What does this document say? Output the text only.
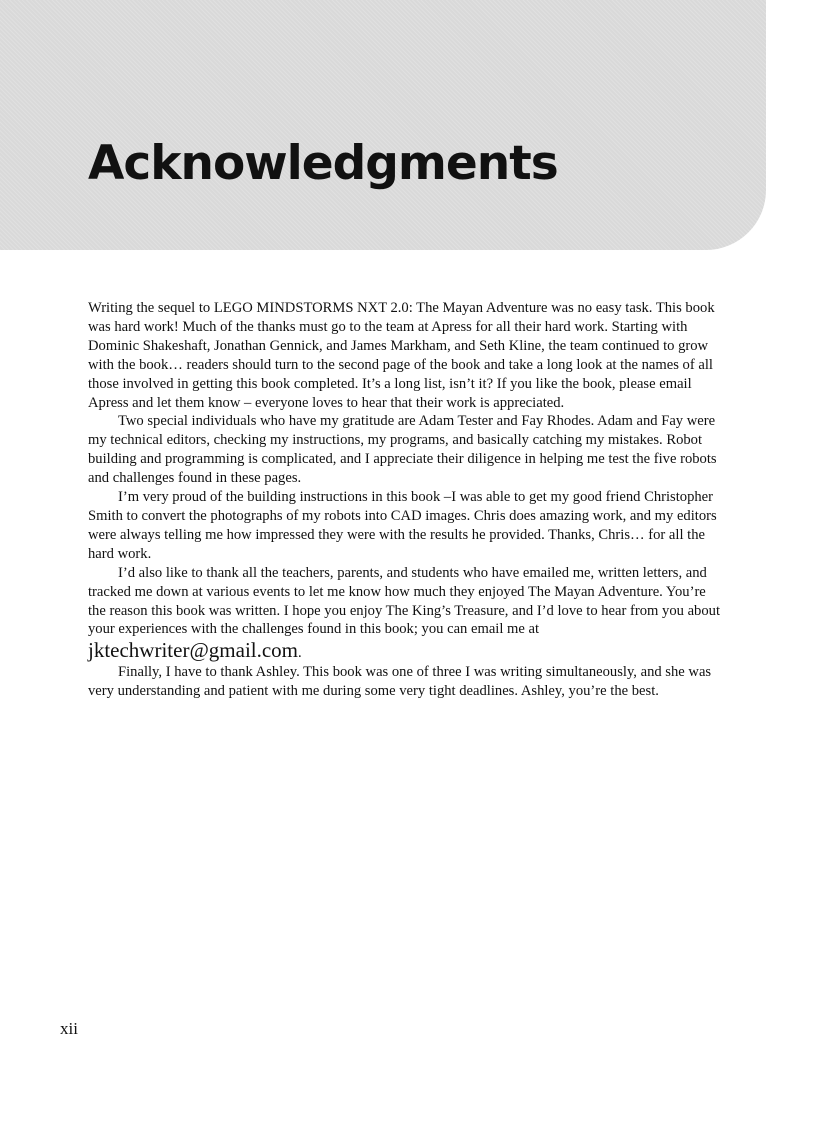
Acknowledgments

Writing the sequel to LEGO MINDSTORMS NXT 2.0: The Mayan Adventure was no easy task. This book was hard work! Much of the thanks must go to the team at Apress for all their hard work. Starting with Dominic Shakeshaft, Jonathan Gennick, and James Markham, and Seth Kline, the team continued to grow with the book… readers should turn to the second page of the book and take a long look at the names of all those involved in getting this book completed. It’s a long list, isn’t it? If you like the book, please email Apress and let them know – everyone loves to hear that their work is appreciated.

Two special individuals who have my gratitude are Adam Tester and Fay Rhodes. Adam and Fay were my technical editors, checking my instructions, my programs, and basically catching my mistakes. Robot building and programming is complicated, and I appreciate their diligence in helping me test the five robots and challenges found in these pages.

I’m very proud of the building instructions in this book –I was able to get my good friend Christopher Smith to convert the photographs of my robots into CAD images. Chris does amazing work, and my editors were always telling me how impressed they were with the results he provided. Thanks, Chris… for all the hard work.

I’d also like to thank all the teachers, parents, and students who have emailed me, written letters, and tracked me down at various events to let me know how much they enjoyed The Mayan Adventure. You’re the reason this book was written. I hope you enjoy The King’s Treasure, and I’d love to hear from you about your experiences with the challenges found in this book; you can email me at
jktechwriter@gmail.com.

Finally, I have to thank Ashley. This book was one of three I was writing simultaneously, and she was very understanding and patient with me during some very tight deadlines. Ashley, you’re the best.

xii
